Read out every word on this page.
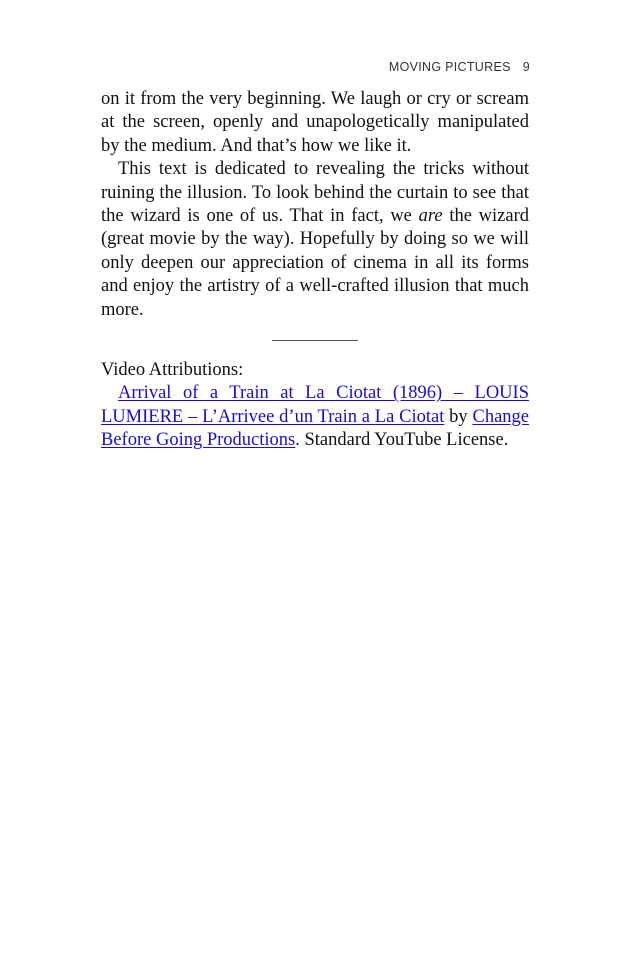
MOVING PICTURES 9

on it from the very beginning. We laugh or cry or scream at the screen, openly and unapologetically manipulated by the medium. And that’s how we like it.

This text is dedicated to revealing the tricks without ruining the illusion. To look behind the curtain to see that the wizard is one of us. That in fact, we are the wizard (great movie by the way). Hopefully by doing so we will only deepen our appreciation of cinema in all its forms and enjoy the artistry of a well-crafted illusion that much more.

Video Attributions:

Arrival of a Train at La Ciotat (1896) – LOUIS LUMIERE – L’Arrivee d’un Train a La Ciotat by Change Before Going Productions. Standard YouTube License.
